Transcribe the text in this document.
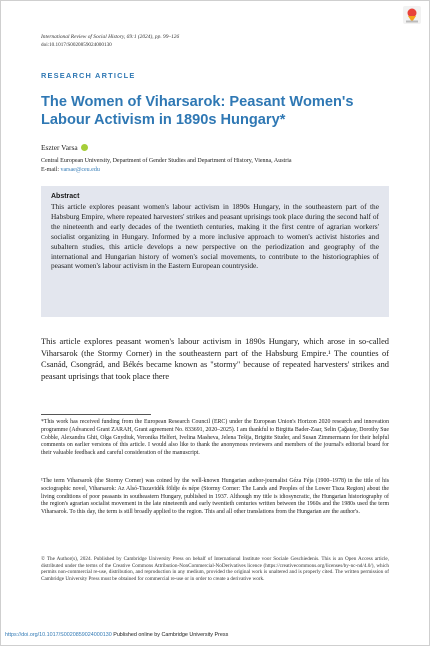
International Review of Social History, 69:1 (2024), pp. 99–126
doi:10.1017/S0020859024000130
RESEARCH ARTICLE
The Women of Viharsarok: Peasant Women's Labour Activism in 1890s Hungary*
Eszter Varsa
Central European University, Department of Gender Studies and Department of History, Vienna, Austria
E-mail: varsae@ceu.edu
Abstract
This article explores peasant women's labour activism in 1890s Hungary, in the southeastern part of the Habsburg Empire, where repeated harvesters' strikes and peasant uprisings took place during the second half of the nineteenth and early decades of the twentieth centuries, making it the first centre of agrarian workers' socialist organizing in Hungary. Informed by a more inclusive approach to women's activist histories and subaltern studies, this article develops a new perspective on the periodization and geography of the international and Hungarian history of women's social movements, to contribute to the historiographies of peasant women's labour activism in the Eastern European countryside.
This article explores peasant women's labour activism in 1890s Hungary, which arose in so-called Viharsarok (the Stormy Corner) in the southeastern part of the Habsburg Empire.¹ The counties of Csanád, Csongrád, and Békés became known as "stormy" because of repeated harvesters' strikes and peasant uprisings that took place there
*This work has received funding from the European Research Council (ERC) under the European Union's Horizon 2020 research and innovation programme (Advanced Grant ZARAH, Grant agreement No. 833691, 2020–2025). I am thankful to Birgitta Bader-Zaar, Selin Çağatay, Dorothy Sue Cobble, Alexandra Ghit, Olga Gnydiuk, Veronika Helfert, Ivelina Masheva, Jelena Tešija, Brigitte Studer, and Susan Zimmermann for their helpful comments on earlier versions of this article. I would also like to thank the anonymous reviewers and members of the journal's editorial board for their valuable feedback and careful consideration of the manuscript.
¹The term Viharsarok (the Stormy Corner) was coined by the well-known Hungarian author-journalist Géza Féja (1900–1978) in the title of his sociographic novel, Viharsarok: Az Alsó-Tiszavidék földje és népe (Stormy Corner: The Lands and Peoples of the Lower Tisza Region) about the living conditions of poor peasants in southeastern Hungary, published in 1937. Although my title is idiosyncratic, the Hungarian historiography of the region's agrarian socialist movement in the late nineteenth and early twentieth centuries written between the 1960s and the 1980s used the term Viharsarok. To this day, the term is still broadly applied to the region. This and all other translations from the Hungarian are the author's.
© The Author(s), 2024. Published by Cambridge University Press on behalf of International Institute voor Sociale Geschiedenis. This is an Open Access article, distributed under the terms of the Creative Commons Attribution-NonCommercial-NoDerivatives licence (https://creativecommons.org/licenses/by-nc-nd/4.0/), which permits non-commercial re-use, distribution, and reproduction in any medium, provided the original work is unaltered and is properly cited. The written permission of Cambridge University Press must be obtained for commercial re-use or in order to create a derivative work.
https://doi.org/10.1017/S0020859024000130 Published online by Cambridge University Press
